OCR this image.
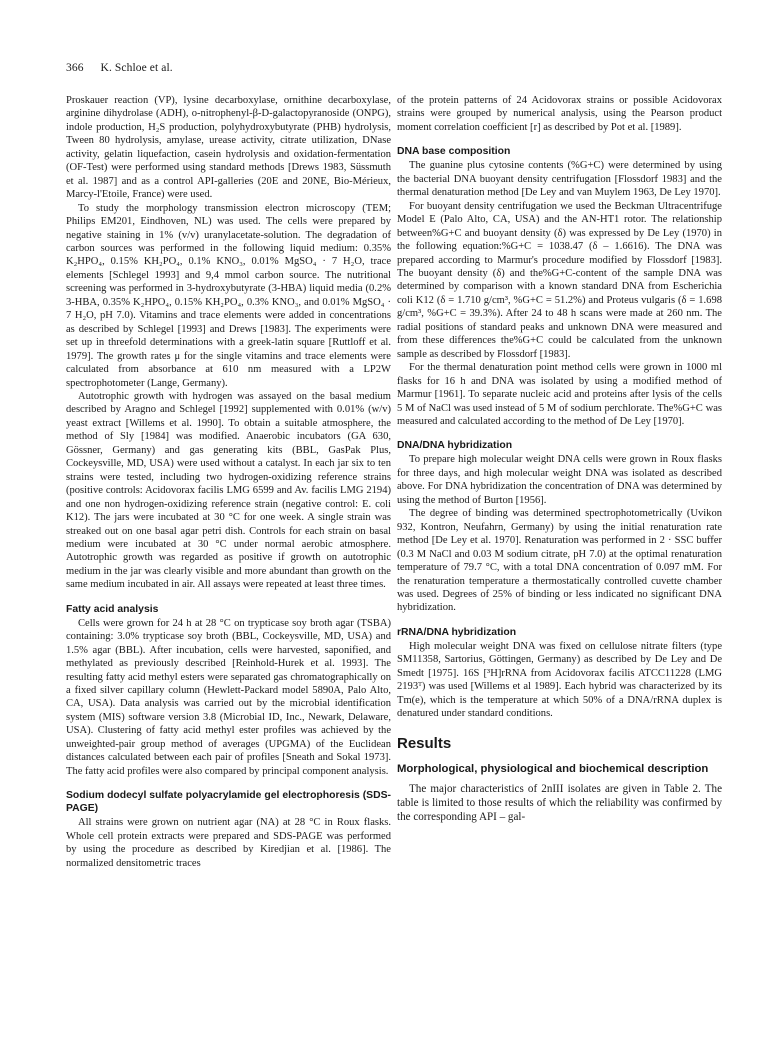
366 K. Schloe et al.

Proskauer reaction (VP), lysine decarboxylase, ornithine decarboxylase, arginine dihydrolase (ADH), o-nitrophenyl-β-D-galactopyranoside (ONPG), indole production, H₂S production, polyhydroxybutyrate (PHB) hydrolysis, Tween 80 hydrolysis, amylase, urease activity, citrate utilization, DNase activity, gelatin liquefaction, casein hydrolysis and oxidation-fermentation (OF-Test) were performed using standard methods [Drews 1983, Süssmuth et al. 1987] and as a control API-galleries (20E and 20NE, Bio-Mérieux, Marcy-l'Etoile, France) were used.

To study the morphology transmission electron microscopy (TEM; Philips EM201, Eindhoven, NL) was used. The cells were prepared by negative staining in 1% (v/v) uranylacetate-solution. The degradation of carbon sources was performed in the following liquid medium: 0.35% K₂HPO₄, 0.15% KH₂PO₄, 0.1% KNO₃, 0.01% MgSO₄ · 7 H₂O, trace elements [Schlegel 1993] and 9,4 mmol carbon source. The nutritional screening was performed in 3-hydroxybutyrate (3-HBA) liquid media (0.2% 3-HBA, 0.35% K₂HPO₄, 0.15% KH₂PO₄, 0.3% KNO₃, and 0.01% MgSO₄ · 7 H₂O, pH 7.0). Vitamins and trace elements were added in concentrations as described by Schlegel [1993] and Drews [1983]. The experiments were set up in threefold determinations with a greek-latin square [Ruttloff et al. 1979]. The growth rates μ for the single vitamins and trace elements were calculated from absorbance at 610 nm measured with a LP2W spectrophotometer (Lange, Germany).

Autotrophic growth with hydrogen was assayed on the basal medium described by Aragno and Schlegel [1992] supplemented with 0.01% (w/v) yeast extract [Willems et al. 1990]. To obtain a suitable atmosphere, the method of Sly [1984] was modified. Anaerobic incubators (GA 630, Gössner, Germany) and gas generating kits (BBL, GasPak Plus, Cockeysville, MD, USA) were used without a catalyst. In each jar six to ten strains were tested, including two hydrogen-oxidizing reference strains (positive controls: Acidovorax facilis LMG 6599 and Av. facilis LMG 2194) and one non hydrogen-oxidizing reference strain (negative control: E. coli K12). The jars were incubated at 30 °C for one week. A single strain was streaked out on one basal agar petri dish. Controls for each strain on basal medium were incubated at 30 °C under normal aerobic atmosphere. Autotrophic growth was regarded as positive if growth on autotrophic medium in the jar was clearly visible and more abundant than growth on the same medium incubated in air. All assays were repeated at least three times.

Fatty acid analysis

Cells were grown for 24 h at 28 °C on trypticase soy broth agar (TSBA) containing: 3.0% trypticase soy broth (BBL, Cockeysville, MD, USA) and 1.5% agar (BBL). After incubation, cells were harvested, saponified, and methylated as previously described [Reinhold-Hurek et al. 1993]. The resulting fatty acid methyl esters were separated gas chromatographically on a fixed silver capillary column (Hewlett-Packard model 5890A, Palo Alto, CA, USA). Data analysis was carried out by the microbial identification system (MIS) software version 3.8 (Microbial ID, Inc., Newark, Delaware, USA). Clustering of fatty acid methyl ester profiles was achieved by the unweighted-pair group method of averages (UPGMA) of the Euclidean distances calculated between each pair of profiles [Sneath and Sokal 1973]. The fatty acid profiles were also compared by principal component analysis.

Sodium dodecyl sulfate polyacrylamide gel electrophoresis (SDS-PAGE)

All strains were grown on nutrient agar (NA) at 28 °C in Roux flasks. Whole cell protein extracts were prepared and SDS-PAGE was performed by using the procedure as described by Kiredjian et al. [1986]. The normalized densitometric traces

of the protein patterns of 24 Acidovorax strains or possible Acidovorax strains were grouped by numerical analysis, using the Pearson product moment correlation coefficient [r] as described by Pot et al. [1989].

DNA base composition

The guanine plus cytosine contents (%G+C) were determined by using the bacterial DNA buoyant density centrifugation [Flossdorf 1983] and the thermal denaturation method [De Ley and van Muylem 1963, De Ley 1970].

For buoyant density centrifugation we used the Beckman Ultracentrifuge Model E (Palo Alto, CA, USA) and the AN-HT1 rotor. The relationship between%G+C and buoyant density (δ) was expressed by De Ley (1970) in the following equation:%G+C = 1038.47 (δ – 1.6616). The DNA was prepared according to Marmur's procedure modified by Flossdorf [1983]. The buoyant density (δ) and the%G+C-content of the sample DNA was determined by comparison with a known standard DNA from Escherichia coli K12 (δ = 1.710 g/cm³, %G+C = 51.2%) and Proteus vulgaris (δ = 1.698 g/cm³, %G+C = 39.3%). After 24 to 48 h scans were made at 260 nm. The radial positions of standard peaks and unknown DNA were measured and from these differences the%G+C could be calculated from the unknown sample as described by Flossdorf [1983].

For the thermal denaturation point method cells were grown in 1000 ml flasks for 16 h and DNA was isolated by using a modified method of Marmur [1961]. To separate nucleic acid and proteins after lysis of the cells 5 M of NaCl was used instead of 5 M of sodium perchlorate. The%G+C was measured and calculated according to the method of De Ley [1970].

DNA/DNA hybridization

To prepare high molecular weight DNA cells were grown in Roux flasks for three days, and high molecular weight DNA was isolated as described above. For DNA hybridization the concentration of DNA was determined by using the method of Burton [1956].

The degree of binding was determined spectrophotometrically (Uvikon 932, Kontron, Neufahrn, Germany) by using the initial renaturation rate method [De Ley et al. 1970]. Renaturation was performed in 2 · SSC buffer (0.3 M NaCl and 0.03 M sodium citrate, pH 7.0) at the optimal renaturation temperature of 79.7 °C, with a total DNA concentration of 0.097 mM. For the renaturation temperature a thermostatically controlled cuvette chamber was used. Degrees of 25% of binding or less indicated no significant DNA hybridization.

rRNA/DNA hybridization

High molecular weight DNA was fixed on cellulose nitrate filters (type SM11358, Sartorius, Göttingen, Germany) as described by De Ley and De Smedt [1975]. 16S [³H]rRNA from Acidovorax facilis ATCC11228 (LMG 2193ᵀ) was used [Willems et al 1989]. Each hybrid was characterized by its Tm(e), which is the temperature at which 50% of a DNA/rRNA duplex is denatured under standard conditions.

Results
Morphological, physiological and biochemical description

The major characteristics of 2nIII isolates are given in Table 2. The table is limited to those results of which the reliability was confirmed by the corresponding API – gal-
